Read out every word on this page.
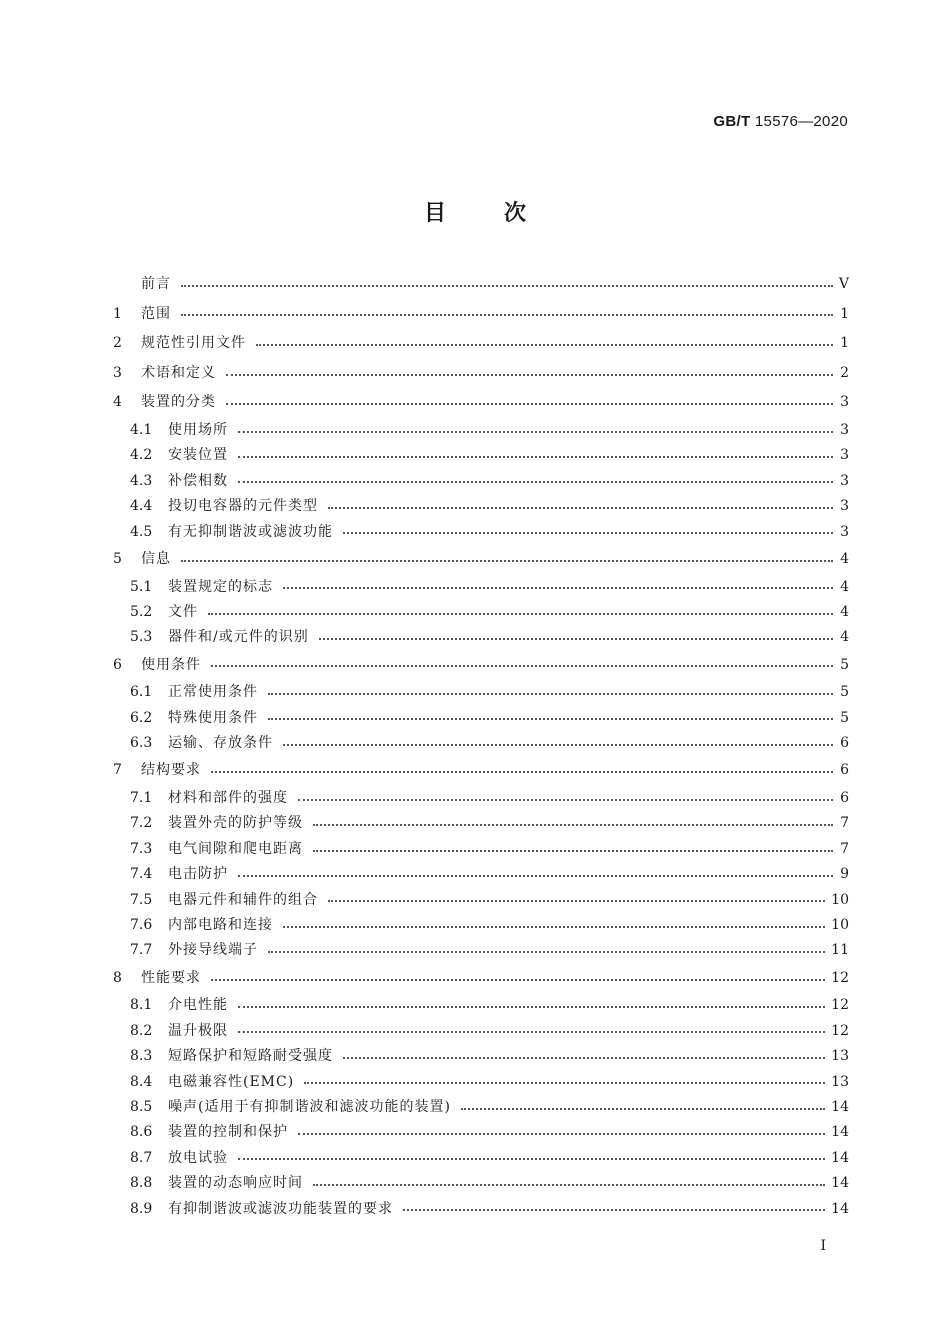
GB/T 15576—2020
目次
前言	V
1	范围	1
2	规范性引用文件	1
3	术语和定义	2
4	装置的分类	3
4.1	使用场所	3
4.2	安装位置	3
4.3	补偿相数	3
4.4	投切电容器的元件类型	3
4.5	有无抑制谐波或滤波功能	3
5	信息	4
5.1	装置规定的标志	4
5.2	文件	4
5.3	器件和/或元件的识别	4
6	使用条件	5
6.1	正常使用条件	5
6.2	特殊使用条件	5
6.3	运输、存放条件	6
7	结构要求	6
7.1	材料和部件的强度	6
7.2	装置外壳的防护等级	7
7.3	电气间隙和爬电距离	7
7.4	电击防护	9
7.5	电器元件和辅件的组合	10
7.6	内部电路和连接	10
7.7	外接导线端子	11
8	性能要求	12
8.1	介电性能	12
8.2	温升极限	12
8.3	短路保护和短路耐受强度	13
8.4	电磁兼容性(EMC)	13
8.5	噪声(适用于有抑制谐波和滤波功能的装置)	14
8.6	装置的控制和保护	14
8.7	放电试验	14
8.8	装置的动态响应时间	14
8.9	有抑制谐波或滤波功能装置的要求	14
I
